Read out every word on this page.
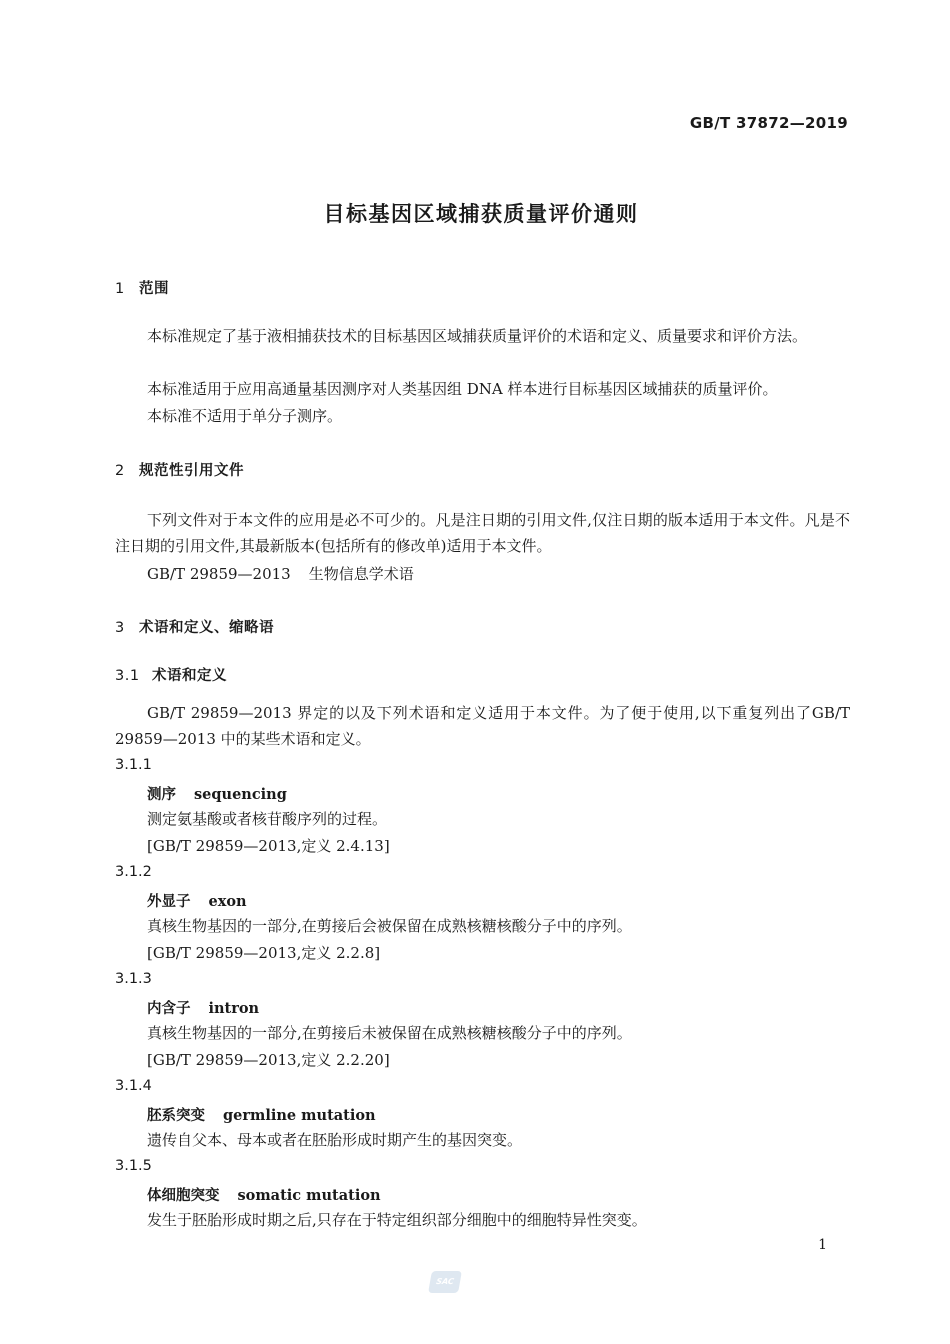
GB/T 37872—2019
目标基因区域捕获质量评价通则
1 范围
本标准规定了基于液相捕获技术的目标基因区域捕获质量评价的术语和定义、质量要求和评价方法。
本标准适用于应用高通量基因测序对人类基因组 DNA 样本进行目标基因区域捕获的质量评价。
本标准不适用于单分子测序。
2 规范性引用文件
下列文件对于本文件的应用是必不可少的。凡是注日期的引用文件,仅注日期的版本适用于本文件。凡是不注日期的引用文件,其最新版本(包括所有的修改单)适用于本文件。
GB/T 29859—2013 生物信息学术语
3 术语和定义、缩略语
3.1 术语和定义
GB/T 29859—2013 界定的以及下列术语和定义适用于本文件。为了便于使用,以下重复列出了GB/T 29859—2013 中的某些术语和定义。
3.1.1
测序 sequencing
测定氨基酸或者核苷酸序列的过程。
[GB/T 29859—2013,定义 2.4.13]
3.1.2
外显子 exon
真核生物基因的一部分,在剪接后会被保留在成熟核糖核酸分子中的序列。
[GB/T 29859—2013,定义 2.2.8]
3.1.3
内含子 intron
真核生物基因的一部分,在剪接后未被保留在成熟核糖核酸分子中的序列。
[GB/T 29859—2013,定义 2.2.20]
3.1.4
胚系突变 germline mutation
遗传自父本、母本或者在胚胎形成时期产生的基因突变。
3.1.5
体细胞突变 somatic mutation
发生于胚胎形成时期之后,只存在于特定组织部分细胞中的细胞特异性突变。
1
SAC
